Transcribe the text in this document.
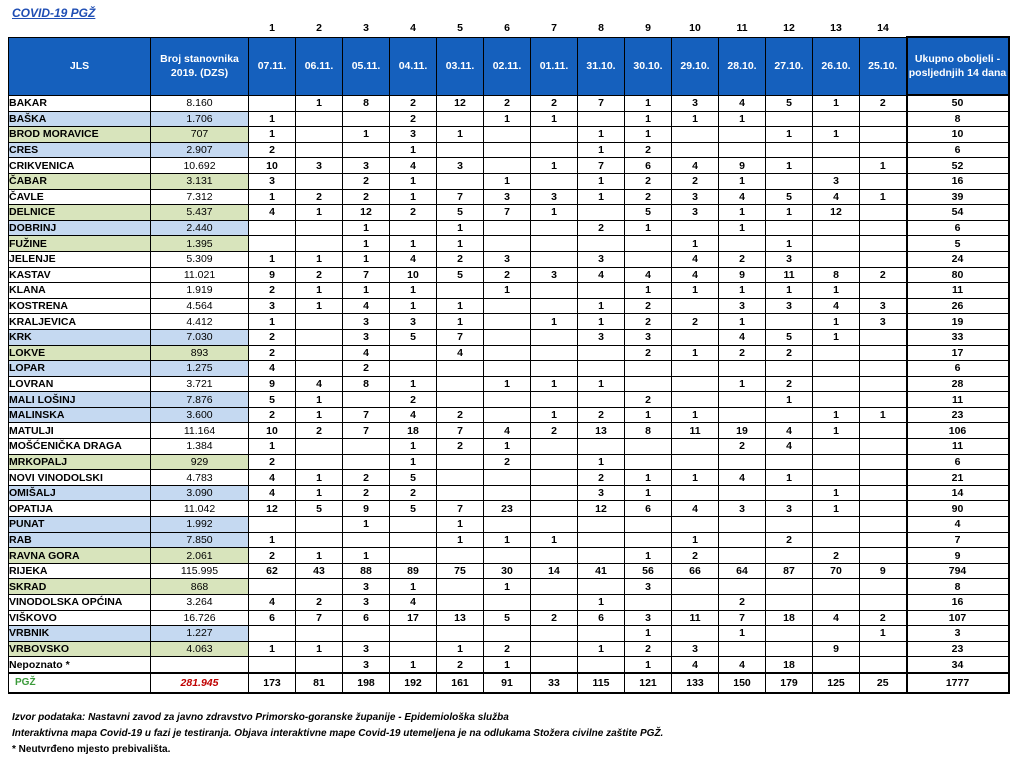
COVID-19 PGŽ
		1	2	3	4	5	6	7	8	9	10	11	12	13	14	
JLS	Broj stanovnika 2019. (DZS)	07.11.	06.11.	05.11.	04.11.	03.11.	02.11.	01.11.	31.10.	30.10.	29.10.	28.10.	27.10.	26.10.	25.10.	Ukupno oboljeli - posljednjih 14 dana
BAKAR	8.160		1	8	2	12	2	2	7	1	3	4	5	1	2	50
BAŠKA	1.706	1			2		1	1		1	1	1				8
BROD MORAVICE	707	1		1	3	1			1	1			1	1		10
CRES	2.907	2			1				1	2						6
CRIKVENICA	10.692	10	3	3	4	3		1	7	6	4	9	1		1	52
ČABAR	3.131	3		2	1		1		1	2	2	1		3		16
ČAVLE	7.312	1	2	2	1	7	3	3	1	2	3	4	5	4	1	39
DELNICE	5.437	4	1	12	2	5	7	1		5	3	1	1	12		54
DOBRINJ	2.440			1		1			2	1		1				6
FUŽINE	1.395			1	1	1					1		1			5
JELENJE	5.309	1	1	1	4	2	3		3		4	2	3			24
KASTAV	11.021	9	2	7	10	5	2	3	4	4	4	9	11	8	2	80
KLANA	1.919	2	1	1	1		1			1	1	1	1	1		11
KOSTRENA	4.564	3	1	4	1	1			1	2		3	3	4	3	26
KRALJEVICA	4.412	1		3	3	1		1	1	2	2	1		1	3	19
KRK	7.030	2		3	5	7			3	3		4	5	1		33
LOKVE	893	2		4		4				2	1	2	2			17
LOPAR	1.275	4		2												6
LOVRAN	3.721	9	4	8	1		1	1	1			1	2			28
MALI LOŠINJ	7.876	5	1		2					2			1			11
MALINSKA	3.600	2	1	7	4	2		1	2	1	1			1	1	23
MATULJI	11.164	10	2	7	18	7	4	2	13	8	11	19	4	1		106
MOŠĆENIČKA DRAGA	1.384	1			1	2	1					2	4			11
MRKOPALJ	929	2			1		2		1							6
NOVI VINODOLSKI	4.783	4	1	2	5				2	1	1	4	1			21
OMIŠALJ	3.090	4	1	2	2				3	1				1		14
OPATIJA	11.042	12	5	9	5	7	23		12	6	4	3	3	1		90
PUNAT	1.992			1		1										4
RAB	7.850	1				1	1	1			1		2			7
RAVNA GORA	2.061	2	1	1						1	2			2		9
RIJEKA	115.995	62	43	88	89	75	30	14	41	56	66	64	87	70	9	794
SKRAD	868			3	1		1			3						8
VINODOLSKA OPĆINA	3.264	4	2	3	4				1			2				16
VIŠKOVO	16.726	6	7	6	17	13	5	2	6	3	11	7	18	4	2	107
VRBNIK	1.227									1		1			1	3
VRBOVSKO	4.063	1	1	3		1	2		1	2	3			9		23
Nepoznato *				3	1	2	1			1	4	4	18			34
PGŽ	281.945	173	81	198	192	161	91	33	115	121	133	150	179	125	25	1777
Izvor podataka: Nastavni zavod za javno zdravstvo Primorsko-goranske županije - Epidemiološka služba
Interaktivna mapa Covid-19 u fazi je testiranja. Objava interaktivne mape Covid-19 utemeljena je na odlukama Stožera civilne zaštite PGŽ.
* Neutvrđeno mjesto prebivališta.
